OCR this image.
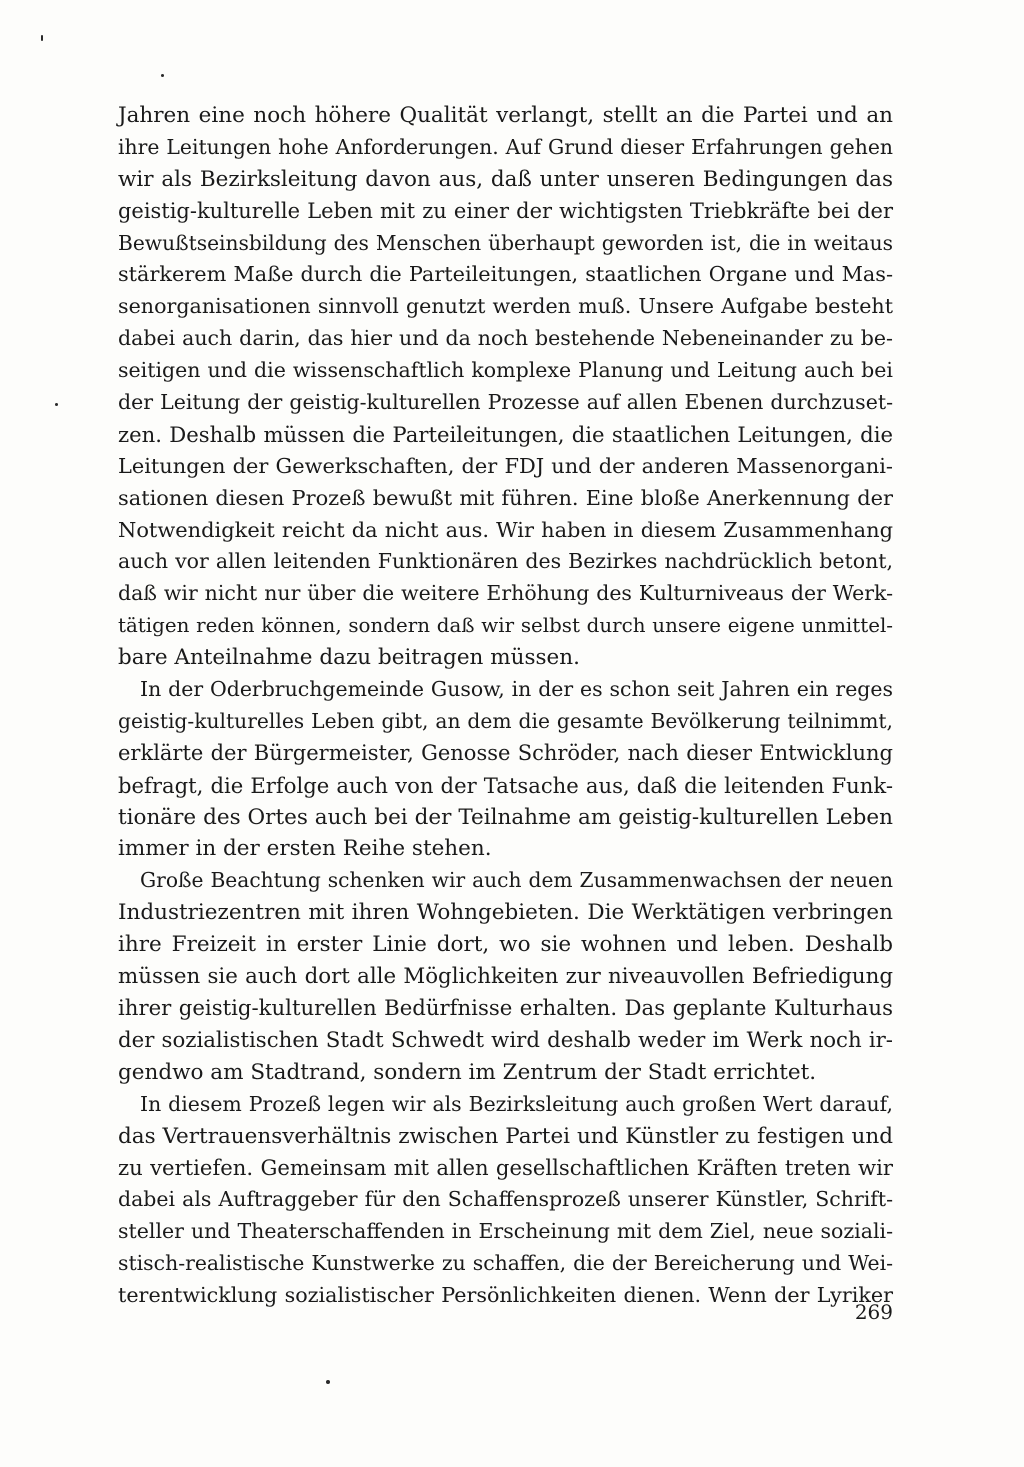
Jahren eine noch höhere Qualität verlangt, stellt an die Partei und an
ihre Leitungen hohe Anforderungen. Auf Grund dieser Erfahrungen gehen
wir als Bezirksleitung davon aus, daß unter unseren Bedingungen das
geistig-kulturelle Leben mit zu einer der wichtigsten Triebkräfte bei der
Bewußtseinsbildung des Menschen überhaupt geworden ist, die in weitaus
stärkerem Maße durch die Parteileitungen, staatlichen Organe und Mas-
senorganisationen sinnvoll genutzt werden muß. Unsere Aufgabe besteht
dabei auch darin, das hier und da noch bestehende Nebeneinander zu be-
seitigen und die wissenschaftlich komplexe Planung und Leitung auch bei
der Leitung der geistig-kulturellen Prozesse auf allen Ebenen durchzuset-
zen. Deshalb müssen die Parteileitungen, die staatlichen Leitungen, die
Leitungen der Gewerkschaften, der FDJ und der anderen Massenorgani-
sationen diesen Prozeß bewußt mit führen. Eine bloße Anerkennung der
Notwendigkeit reicht da nicht aus. Wir haben in diesem Zusammenhang
auch vor allen leitenden Funktionären des Bezirkes nachdrücklich betont,
daß wir nicht nur über die weitere Erhöhung des Kulturniveaus der Werk-
tätigen reden können, sondern daß wir selbst durch unsere eigene unmittel-
bare Anteilnahme dazu beitragen müssen.
In der Oderbruchgemeinde Gusow, in der es schon seit Jahren ein reges
geistig-kulturelles Leben gibt, an dem die gesamte Bevölkerung teilnimmt,
erklärte der Bürgermeister, Genosse Schröder, nach dieser Entwicklung
befragt, die Erfolge auch von der Tatsache aus, daß die leitenden Funk-
tionäre des Ortes auch bei der Teilnahme am geistig-kulturellen Leben
immer in der ersten Reihe stehen.
Große Beachtung schenken wir auch dem Zusammenwachsen der neuen
Industriezentren mit ihren Wohngebieten. Die Werktätigen verbringen
ihre Freizeit in erster Linie dort, wo sie wohnen und leben. Deshalb
müssen sie auch dort alle Möglichkeiten zur niveauvollen Befriedigung
ihrer geistig-kulturellen Bedürfnisse erhalten. Das geplante Kulturhaus
der sozialistischen Stadt Schwedt wird deshalb weder im Werk noch ir-
gendwo am Stadtrand, sondern im Zentrum der Stadt errichtet.
In diesem Prozeß legen wir als Bezirksleitung auch großen Wert darauf,
das Vertrauensverhältnis zwischen Partei und Künstler zu festigen und
zu vertiefen. Gemeinsam mit allen gesellschaftlichen Kräften treten wir
dabei als Auftraggeber für den Schaffensprozeß unserer Künstler, Schrift-
steller und Theaterschaffenden in Erscheinung mit dem Ziel, neue soziali-
stisch-realistische Kunstwerke zu schaffen, die der Bereicherung und Wei-
terentwicklung sozialistischer Persönlichkeiten dienen. Wenn der Lyriker
269
